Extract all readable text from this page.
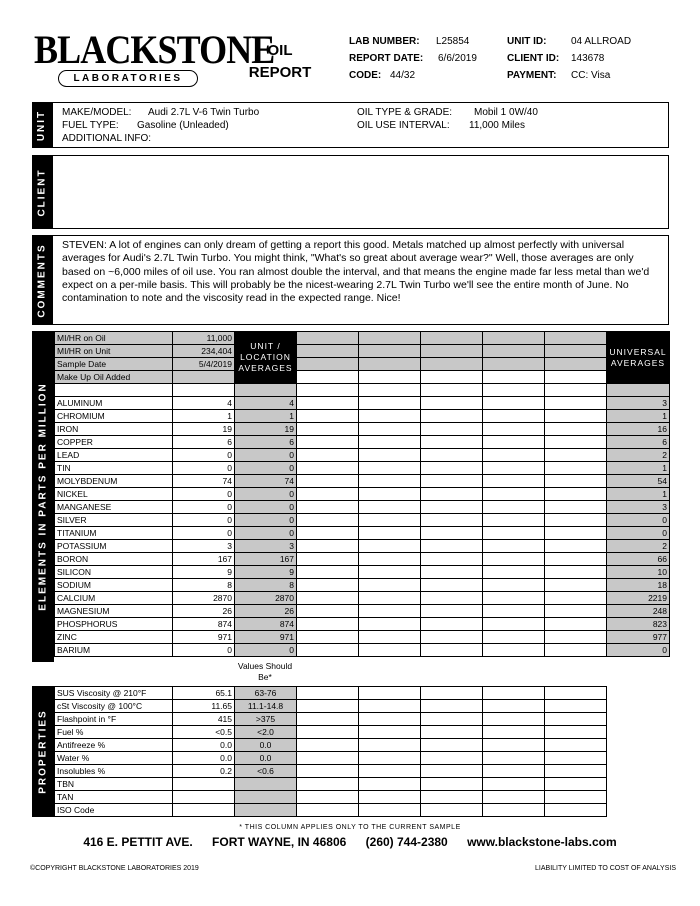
BLACKSTONE
LABORATORIES
OIL
REPORT
LAB NUMBER: L25854
REPORT DATE: 6/6/2019
CODE: 44/32
UNIT ID: 04 ALLROAD
CLIENT ID: 143678
PAYMENT: CC: Visa
UNIT MAKE/MODEL: Audi 2.7L V-6 Twin Turbo
FUEL TYPE: Gasoline (Unleaded)
ADDITIONAL INFO:
OIL TYPE & GRADE: Mobil 1 0W/40
OIL USE INTERVAL: 11,000 Miles
CLIENT
COMMENTS STEVEN: A lot of engines can only dream of getting a report this good. Metals matched up almost perfectly with universal averages for Audi's 2.7L Twin Turbo. You might think, "What's so great about average wear?" Well, those averages are only based on ~6,000 miles of oil use. You ran almost double the interval, and that means the engine made far less metal than we'd expect on a per-mile basis. This will probably be the nicest-wearing 2.7L Twin Turbo we'll see the entire month of June. No contamination to note and the viscosity read in the expected range. Nice!
ELEMENTS IN PARTS PER MILLION
MI/HR on Oil	11,000	UNIT / LOCATION AVERAGES						UNIVERSAL AVERAGES
MI/HR on Unit	234,404							
Sample Date	5/4/2019							
Make Up Oil Added								

ALUMINUM	4	4						3
CHROMIUM	1	1						1
IRON	19	19						16
COPPER	6	6						6
LEAD	0	0						2
TIN	0	0						1
MOLYBDENUM	74	74						54
NICKEL	0	0						1
MANGANESE	0	0						3
SILVER	0	0						0
TITANIUM	0	0						0
POTASSIUM	3	3						2
BORON	167	167						66
SILICON	9	9						10
SODIUM	8	8						18
CALCIUM	2870	2870						2219
MAGNESIUM	26	26						248
PHOSPHORUS	874	874						823
ZINC	971	971						977
BARIUM	0	0						0
Values Should Be*
PROPERTIES
SUS Viscosity @ 210°F	65.1	63-76					
cSt Viscosity @ 100°C	11.65	11.1-14.8					
Flashpoint in °F	415	>375					
Fuel %	<0.5	<2.0					
Antifreeze %	0.0	0.0					
Water %	0.0	0.0					
Insolubles %	0.2	<0.6					
TBN							
TAN							
ISO Code							
* THIS COLUMN APPLIES ONLY TO THE CURRENT SAMPLE
416 E. PETTIT AVE. FORT WAYNE, IN 46806 (260) 744-2380 www.blackstone-labs.com
©COPYRIGHT BLACKSTONE LABORATORIES 2019	LIABILITY LIMITED TO COST OF ANALYSIS
